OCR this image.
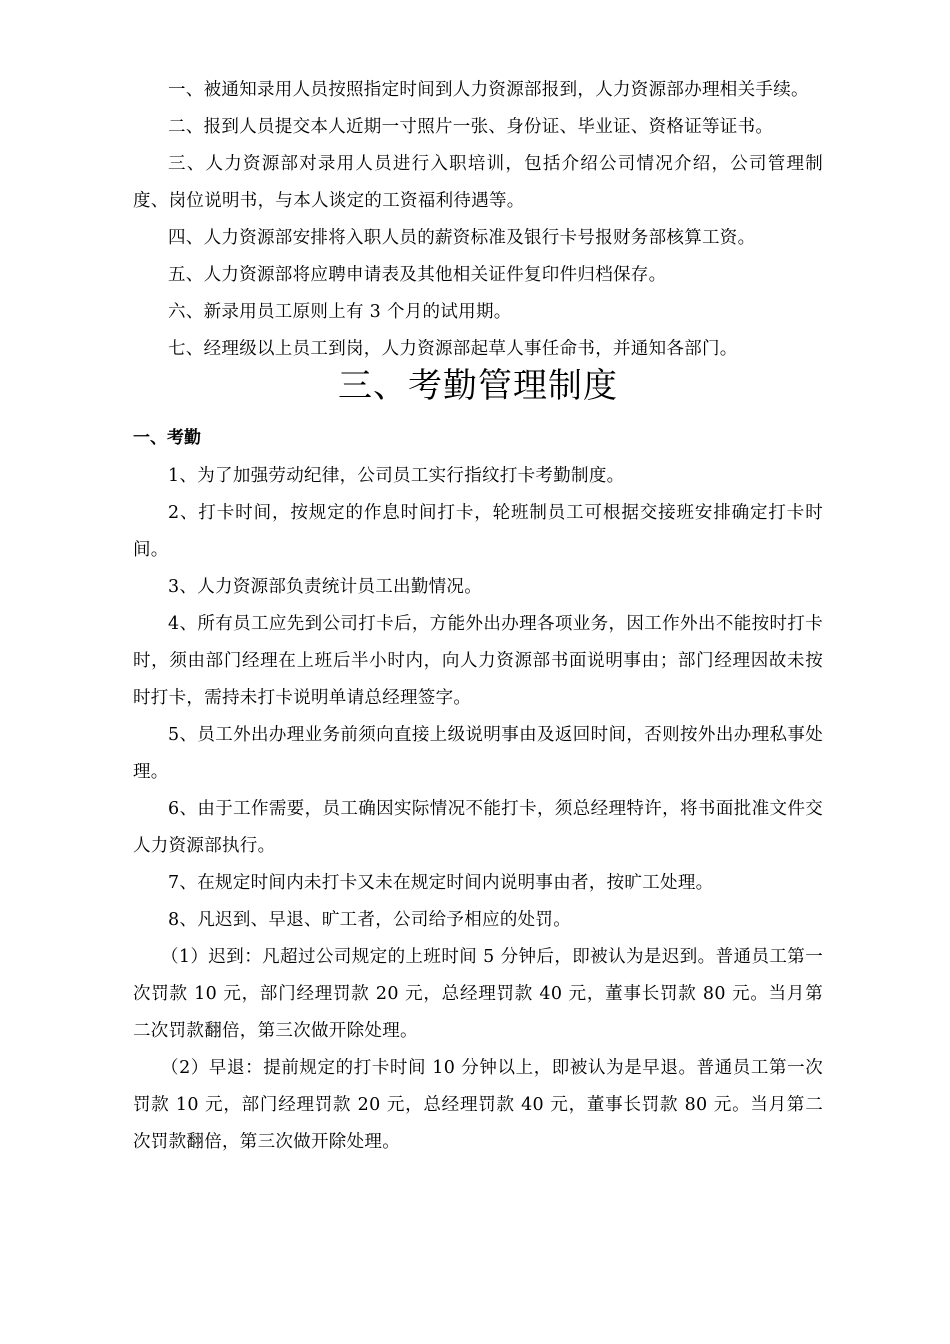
一、被通知录用人员按照指定时间到人力资源部报到，人力资源部办理相关手续。

二、报到人员提交本人近期一寸照片一张、身份证、毕业证、资格证等证书。

三、人力资源部对录用人员进行入职培训，包括介绍公司情况介绍，公司管理制度、岗位说明书，与本人谈定的工资福利待遇等。

四、人力资源部安排将入职人员的薪资标准及银行卡号报财务部核算工资。

五、人力资源部将应聘申请表及其他相关证件复印件归档保存。

六、新录用员工原则上有 3 个月的试用期。

七、经理级以上员工到岗，人力资源部起草人事任命书，并通知各部门。

三、考勤管理制度
一、考勤

1、为了加强劳动纪律，公司员工实行指纹打卡考勤制度。

2、打卡时间，按规定的作息时间打卡，轮班制员工可根据交接班安排确定打卡时间。

3、人力资源部负责统计员工出勤情况。

4、所有员工应先到公司打卡后，方能外出办理各项业务，因工作外出不能按时打卡时，须由部门经理在上班后半小时内，向人力资源部书面说明事由；部门经理因故未按时打卡，需持未打卡说明单请总经理签字。

5、员工外出办理业务前须向直接上级说明事由及返回时间，否则按外出办理私事处理。

6、由于工作需要，员工确因实际情况不能打卡，须总经理特许，将书面批准文件交人力资源部执行。

7、在规定时间内未打卡又未在规定时间内说明事由者，按旷工处理。

8、凡迟到、早退、旷工者，公司给予相应的处罚。

（1）迟到：凡超过公司规定的上班时间 5 分钟后，即被认为是迟到。普通员工第一次罚款 10 元，部门经理罚款 20 元，总经理罚款 40 元，董事长罚款 80 元。当月第二次罚款翻倍，第三次做开除处理。

（2）早退：提前规定的打卡时间 10 分钟以上，即被认为是早退。普通员工第一次罚款 10 元，部门经理罚款 20 元，总经理罚款 40 元，董事长罚款 80 元。当月第二次罚款翻倍，第三次做开除处理。
